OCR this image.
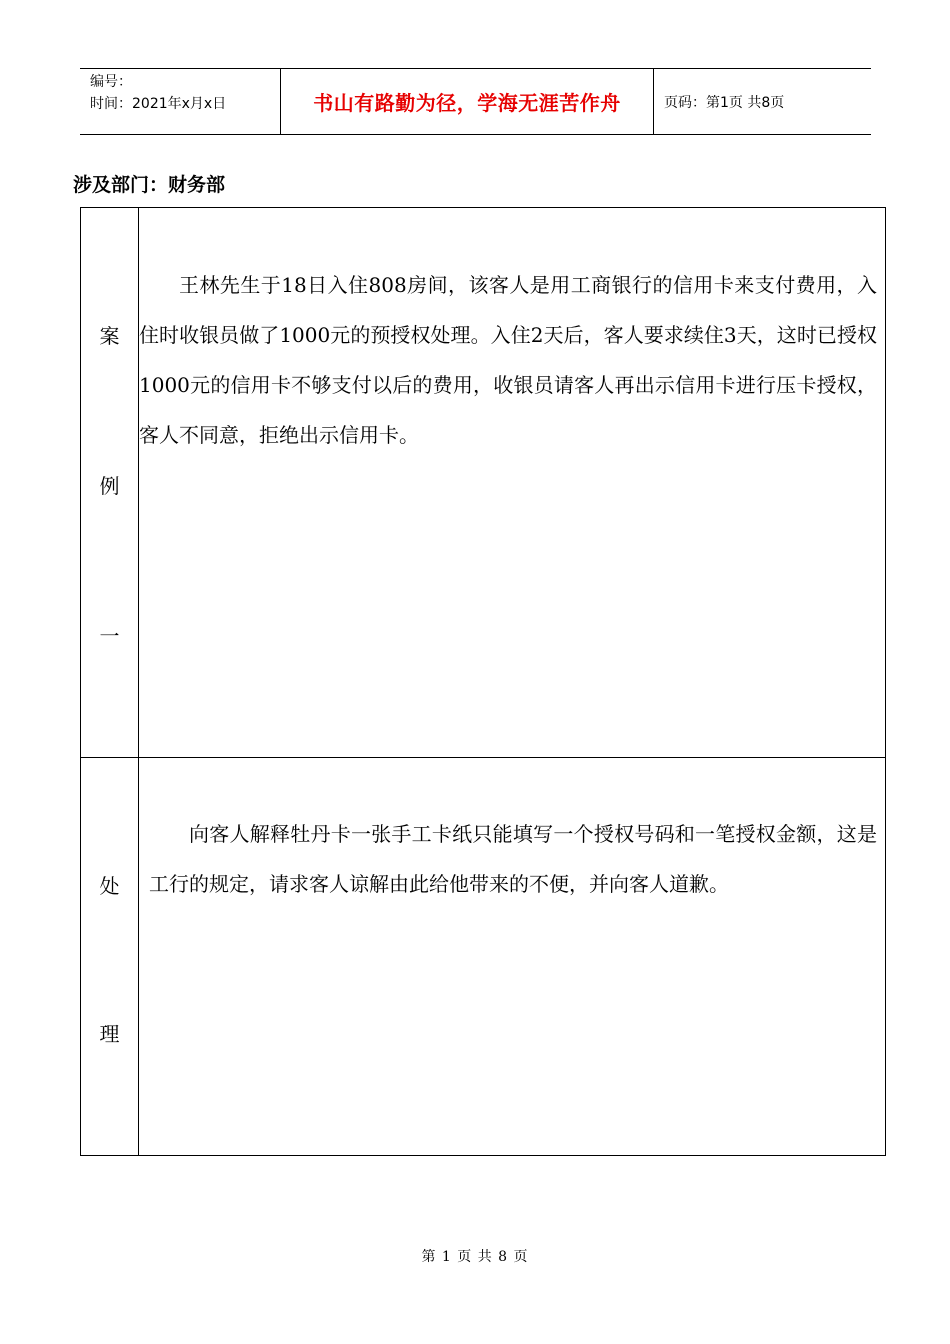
编号：
时间：2021年x月x日	书山有路勤为径，学海无涯苦作舟	页码：第1页 共8页
涉及部门：财务部
案
例
一

王林先生于18日入住808房间，该客人是用工商银行的信用卡来支付费用，入住时收银员做了1000元的预授权处理。入住2天后，客人要求续住3天，这时已授权1000元的信用卡不够支付以后的费用，收银员请客人再出示信用卡进行压卡授权，客人不同意，拒绝出示信用卡。

处
理

向客人解释牡丹卡一张手工卡纸只能填写一个授权号码和一笔授权金额，这是工行的规定，请求客人谅解由此给他带来的不便，并向客人道歉。

第 1 页 共 8 页
